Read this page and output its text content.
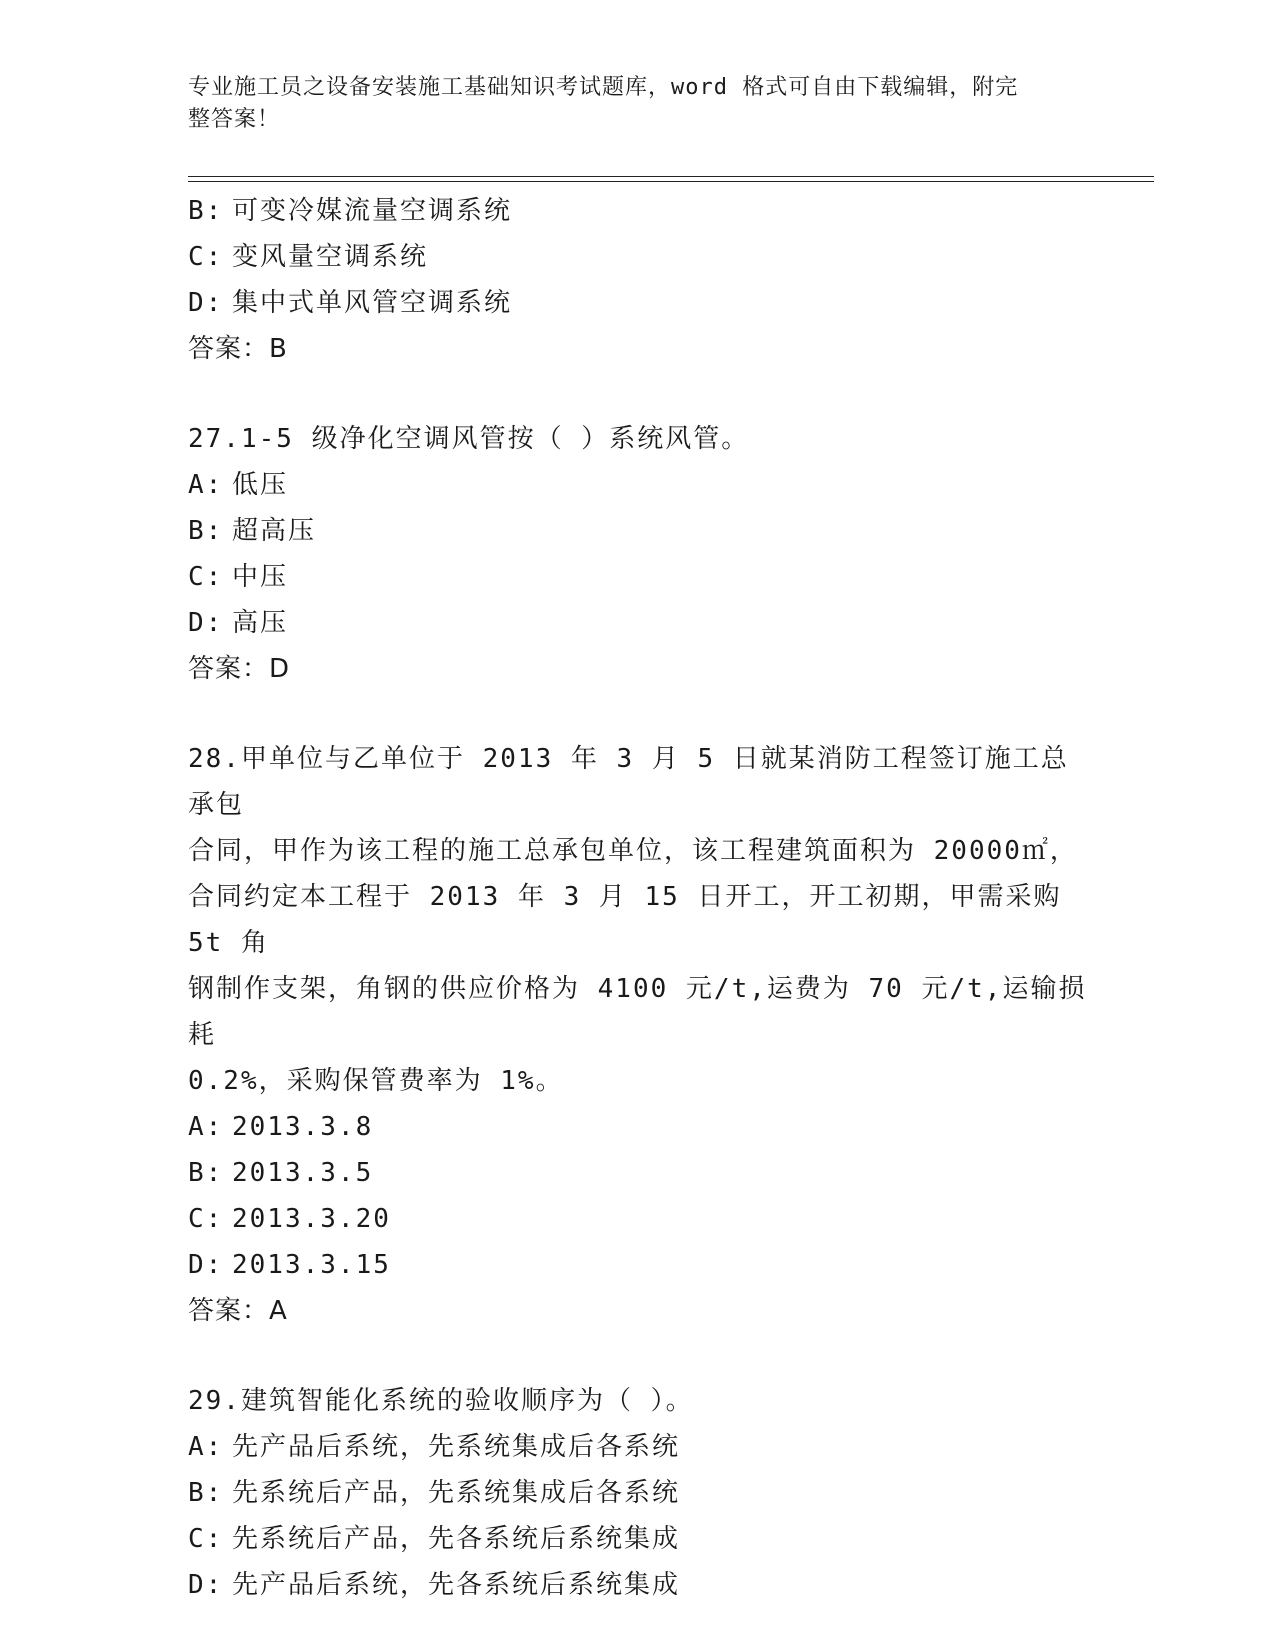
专业施工员之设备安装施工基础知识考试题库，word 格式可自由下载编辑，附完
整答案！
B: 可变冷媒流量空调系统
C: 变风量空调系统
D: 集中式单风管空调系统
答案：B
27.1-5 级净化空调风管按（ ）系统风管。
A: 低压
B: 超高压
C: 中压
D: 高压
答案：D
28.甲单位与乙单位于 2013 年 3 月 5 日就某消防工程签订施工总承包
合同，甲作为该工程的施工总承包单位，该工程建筑面积为 20000㎡，
合同约定本工程于 2013 年 3 月 15 日开工，开工初期，甲需采购 5t 角
钢制作支架，角钢的供应价格为 4100 元/t,运费为 70 元/t,运输损耗
0.2%，采购保管费率为 1%。
A: 2013.3.8
B: 2013.3.5
C: 2013.3.20
D: 2013.3.15
答案：A
29.建筑智能化系统的验收顺序为（ ）。
A: 先产品后系统，先系统集成后各系统
B: 先系统后产品，先系统集成后各系统
C: 先系统后产品，先各系统后系统集成
D: 先产品后系统，先各系统后系统集成
